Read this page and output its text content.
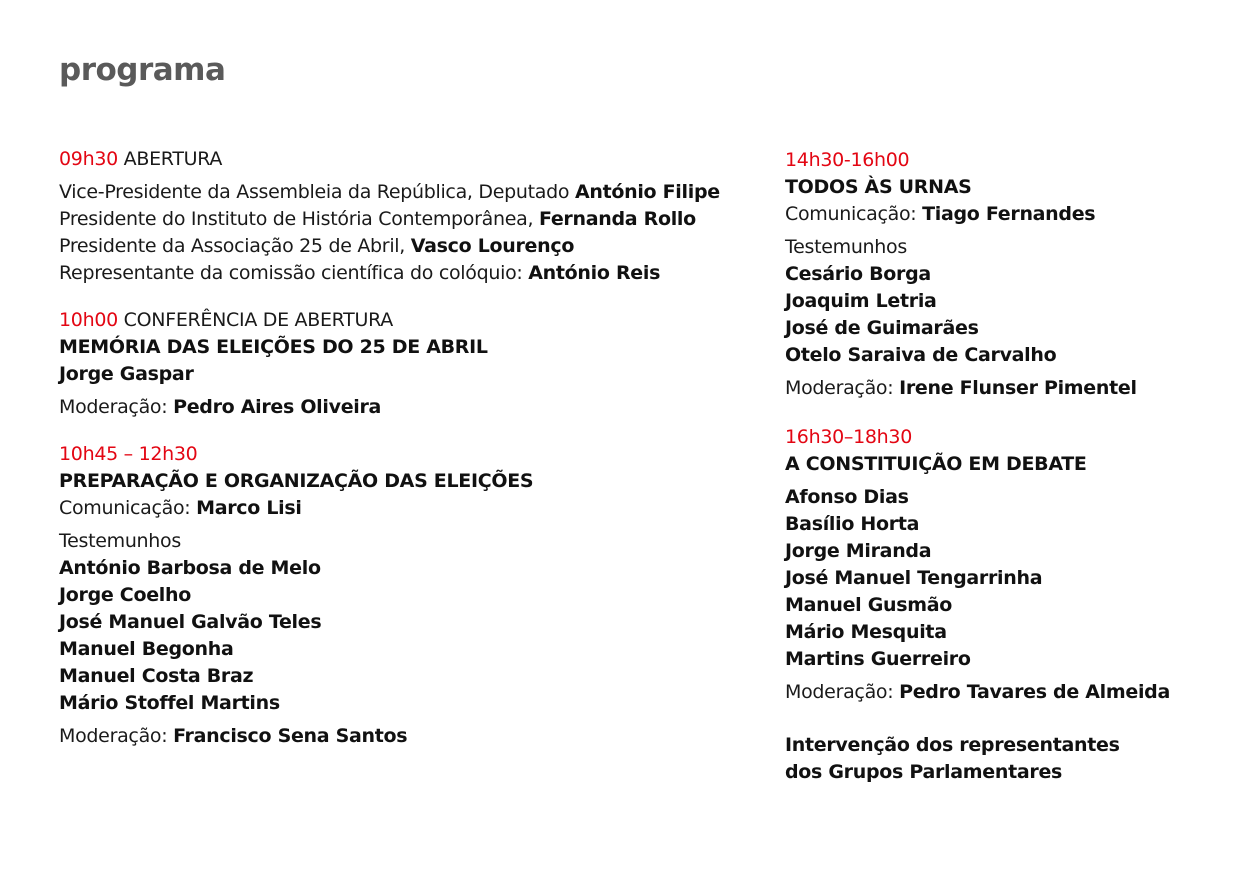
programa
09h30 ABERTURA
Vice-Presidente da Assembleia da República, Deputado António Filipe
Presidente do Instituto de História Contemporânea, Fernanda Rollo
Presidente da Associação 25 de Abril, Vasco Lourenço
Representante da comissão científica do colóquio: António Reis
10h00 CONFERÊNCIA DE ABERTURA
MEMÓRIA DAS ELEIÇÕES DO 25 DE ABRIL
Jorge Gaspar
Moderação: Pedro Aires Oliveira
10h45 – 12h30
PREPARAÇÃO E ORGANIZAÇÃO DAS ELEIÇÕES
Comunicação: Marco Lisi
Testemunhos
António Barbosa de Melo
Jorge Coelho
José Manuel Galvão Teles
Manuel Begonha
Manuel Costa Braz
Mário Stoffel Martins
Moderação: Francisco Sena Santos
14h30-16h00
TODOS ÀS URNAS
Comunicação: Tiago Fernandes
Testemunhos
Cesário Borga
Joaquim Letria
José de Guimarães
Otelo Saraiva de Carvalho
Moderação: Irene Flunser Pimentel
16h30–18h30
A CONSTITUIÇÃO EM DEBATE
Afonso Dias
Basílio Horta
Jorge Miranda
José Manuel Tengarrinha
Manuel Gusmão
Mário Mesquita
Martins Guerreiro
Moderação: Pedro Tavares de Almeida
Intervenção dos representantes
dos Grupos Parlamentares
